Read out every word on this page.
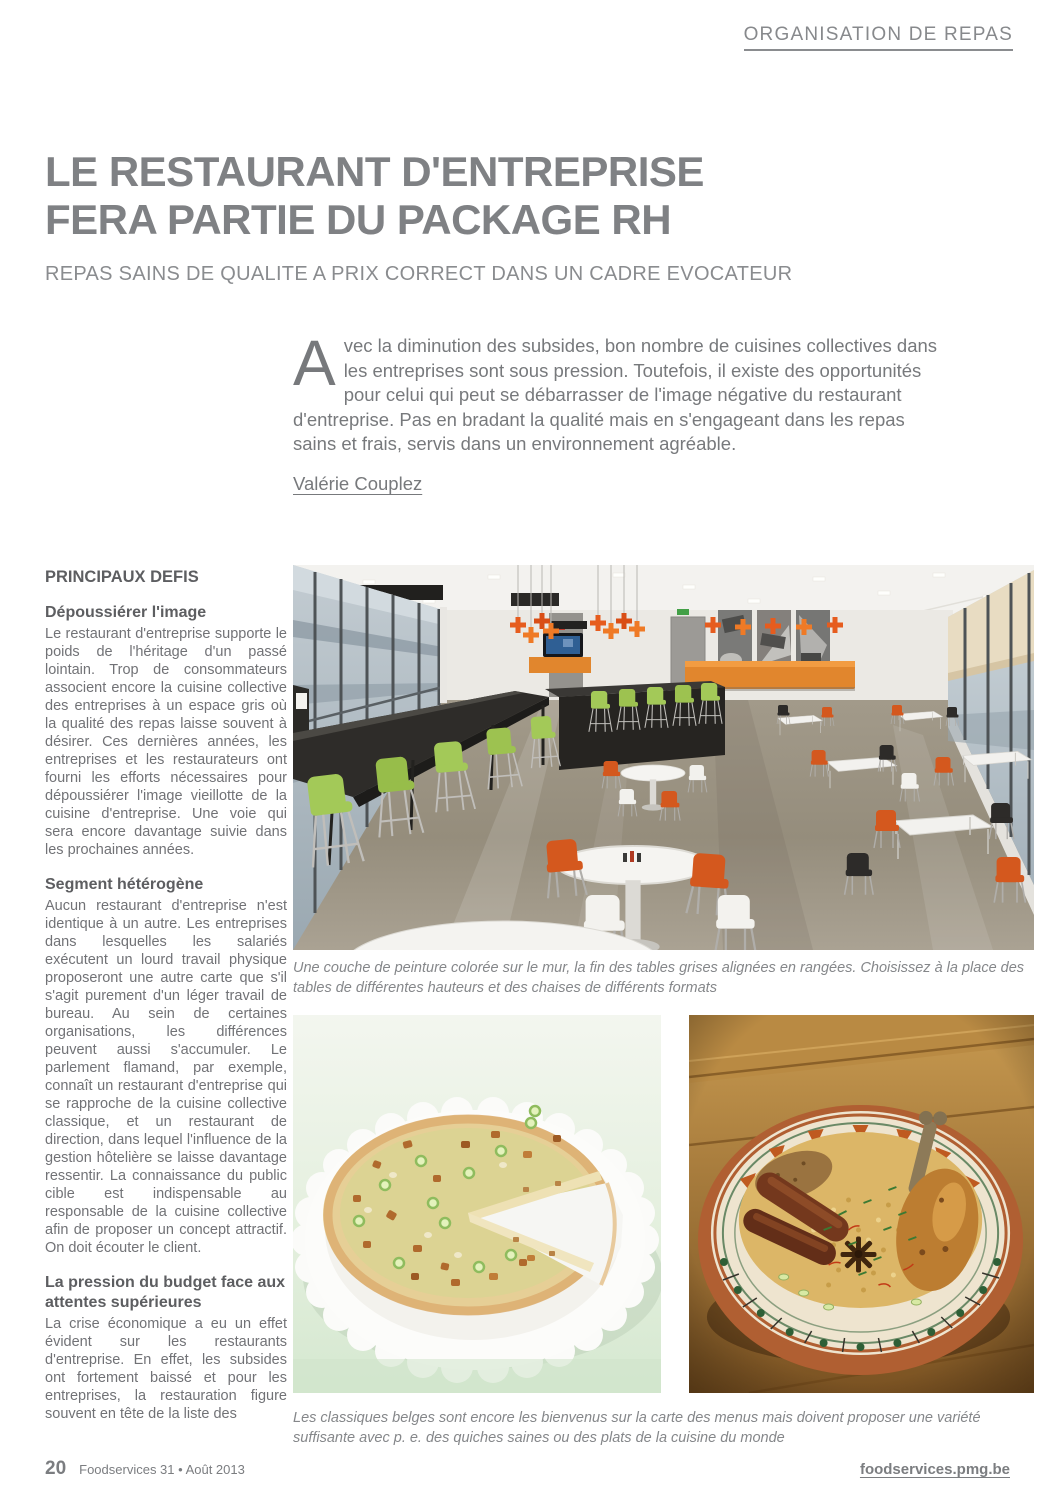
ORGANISATION DE REPAS
LE RESTAURANT D'ENTREPRISE
FERA PARTIE DU PACKAGE RH
REPAS SAINS DE QUALITE A PRIX CORRECT DANS UN CADRE EVOCATEUR
Avec la diminution des subsides, bon nombre de cuisines collectives dans les entreprises sont sous pression. Toutefois, il existe des opportunités pour celui qui peut se débarrasser de l'image négative du restaurant d'entreprise. Pas en bradant la qualité mais en s'engageant dans les repas sains et frais, servis dans un environnement agréable.
Valérie Couplez
PRINCIPAUX DEFIS
Dépoussiérer l'image

Le restaurant d'entreprise supporte le poids de l'héritage d'un passé lointain. Trop de consommateurs associent encore la cuisine collective des entreprises à un espace gris où la qualité des repas laisse souvent à désirer. Ces dernières années, les entreprises et les restaurateurs ont fourni les efforts nécessaires pour dépoussiérer l'image vieillotte de la cuisine d'entreprise. Une voie qui sera encore davantage suivie dans les prochaines années.

Segment hétérogène

Aucun restaurant d'entreprise n'est identique à un autre. Les entreprises dans lesquelles les salariés exécutent un lourd travail physique proposeront une autre carte que s'il s'agit purement d'un léger travail de bureau. Au sein de certaines organisations, les différences peuvent aussi s'accumuler. Le parlement flamand, par exemple, connaît un restaurant d'entreprise qui se rapproche de la cuisine collective classique, et un restaurant de direction, dans lequel l'influence de la gestion hôtelière se laisse davantage ressentir. La connaissance du public cible est indispensable au responsable de la cuisine collective afin de proposer un concept attractif. On doit écouter le client.

La pression du budget face aux attentes supérieures

La crise économique a eu un effet évident sur les restaurants d'entreprise. En effet, les subsides ont fortement baissé et pour les entreprises, la restauration figure souvent en tête de la liste des

Une couche de peinture colorée sur le mur, la fin des tables grises alignées en rangées. Choisissez à la place des tables de différentes hauteurs et des chaises de différents formats
Les classiques belges sont encore les bienvenus sur la carte des menus mais doivent proposer une variété suffisante avec p. e. des quiches saines ou des plats de la cuisine du monde
20 Foodservices 31 • Août 2013	foodservices.pmg.be
